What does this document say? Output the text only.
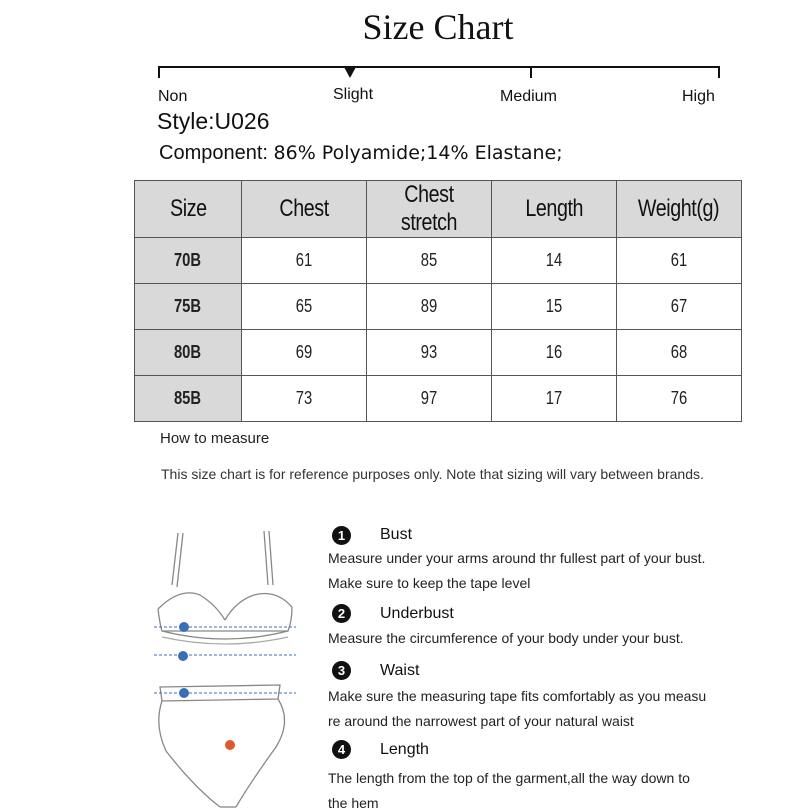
Size Chart
Non	Slight	Medium	High
Style:U026
Component: 86% Polyamide;14% Elastane;
Size	Chest	Chest stretch	Length	Weight(g)
70B	61	85	14	61
75B	65	89	15	67
80B	69	93	16	68
85B	73	97	17	76
How to measure
This size chart is for reference purposes only. Note that sizing will vary between brands.
1	Bust
Measure under your arms around thr fullest part of your bust.
Make sure to keep the tape level
2	Underbust
Measure the circumference of your body under your bust.
3	Waist
Make sure the measuring tape fits comfortably as you measu
re around the narrowest part of your natural waist
4	Length
The length from the top of the garment,all the way down to
the hem
